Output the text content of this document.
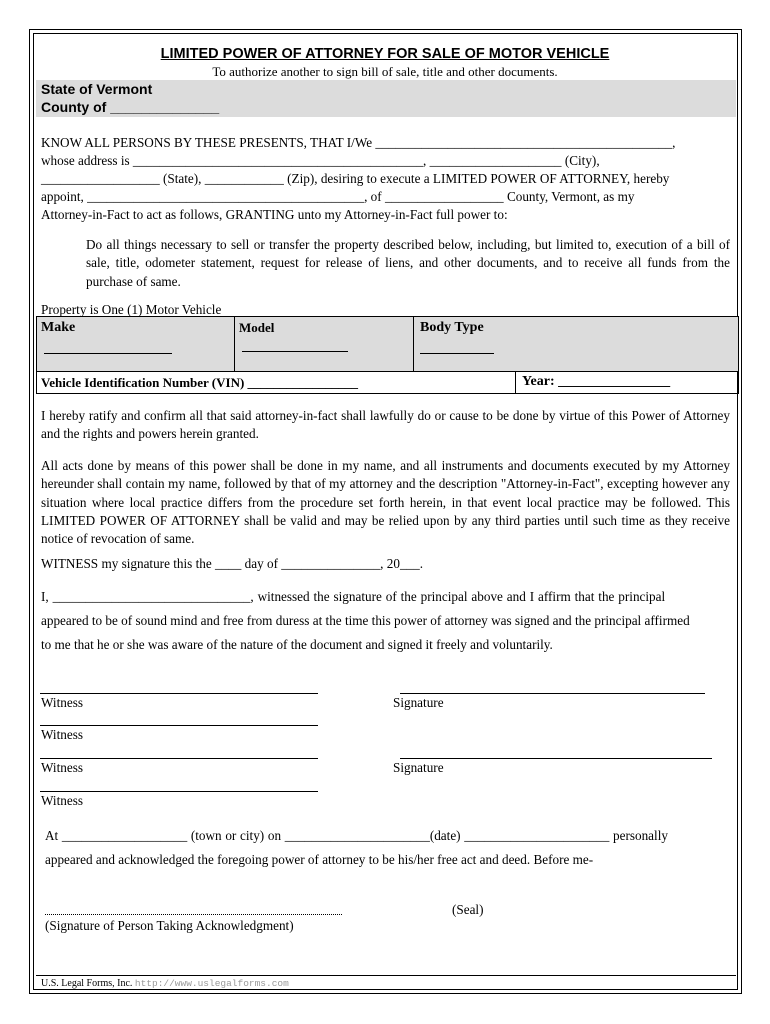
LIMITED POWER OF ATTORNEY FOR SALE OF MOTOR VEHICLE
To authorize another to sign bill of sale, title and other documents.
State of Vermont
County of ______________
KNOW ALL PERSONS BY THESE PRESENTS, THAT I/We _____________________________________________,
whose address is ____________________________________________, ____________________ (City),
__________________ (State), ____________ (Zip), desiring to execute a LIMITED POWER OF ATTORNEY, hereby
appoint, __________________________________________, of __________________ County, Vermont, as my
Attorney-in-Fact to act as follows, GRANTING unto my Attorney-in-Fact full power to:
Do all things necessary to sell or transfer the property described below, including, but limited to, execution of a bill of sale, title, odometer statement, request for release of liens, and other documents, and to receive all funds from the purchase of same.
Property is One (1) Motor Vehicle
Make	Model	Body Type
Vehicle Identification Number (VIN) _________________	Year: ________________
I hereby ratify and confirm all that said attorney-in-fact shall lawfully do or cause to be done by virtue of this Power of Attorney and the rights and powers herein granted.
All acts done by means of this power shall be done in my name, and all instruments and documents executed by my Attorney hereunder shall contain my name, followed by that of my attorney and the description "Attorney-in-Fact", excepting however any situation where local practice differs from the procedure set forth herein, in that event local practice may be followed. This LIMITED POWER OF ATTORNEY shall be valid and may be relied upon by any third parties until such time as they receive notice of revocation of same.
WITNESS my signature this the ____ day of _______________, 20___.
I, ______________________________, witnessed the signature of the principal above and I affirm that the principal
appeared to be of sound mind and free from duress at the time this power of attorney was signed and the principal affirmed
to me that he or she was aware of the nature of the document and signed it freely and voluntarily.
Witness	Signature
Witness
Witness	Signature
Witness
At ___________________ (town or city) on ______________________(date) ______________________ personally
appeared and acknowledged the foregoing power of attorney to be his/her free act and deed. Before me-
(Seal)
(Signature of Person Taking Acknowledgment)
U.S. Legal Forms, Inc. http://www.uslegalforms.com
